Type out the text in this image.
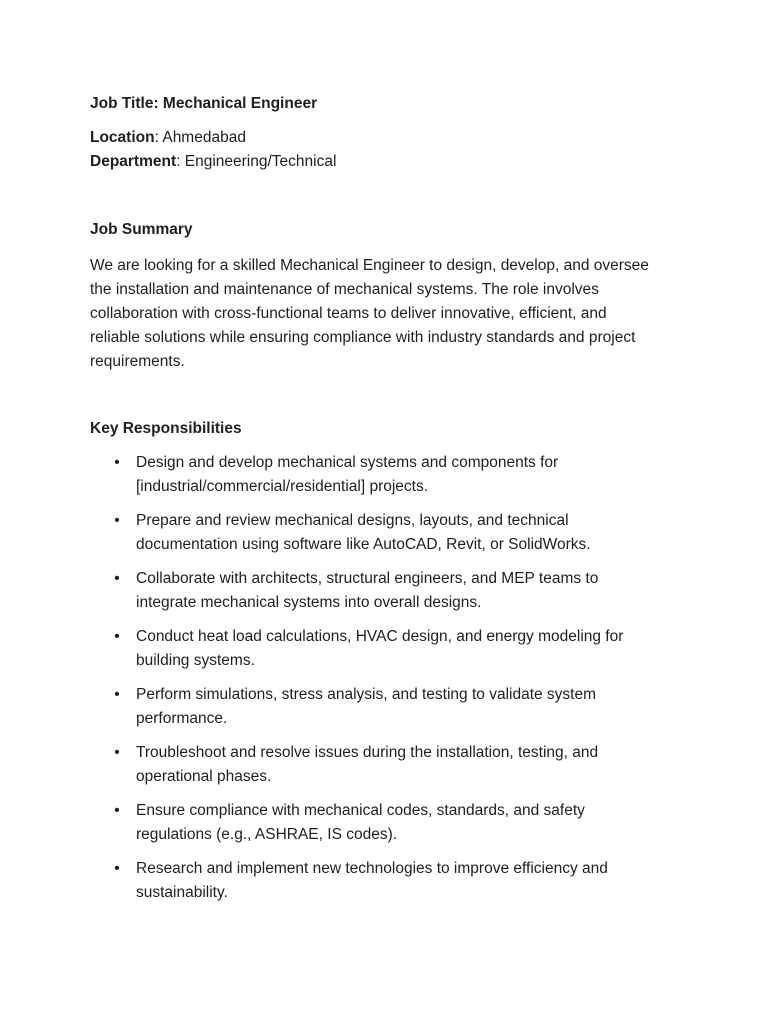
Job Title: Mechanical Engineer
Location: Ahmedabad
Department: Engineering/Technical
Job Summary
We are looking for a skilled Mechanical Engineer to design, develop, and oversee
the installation and maintenance of mechanical systems. The role involves
collaboration with cross-functional teams to deliver innovative, efficient, and
reliable solutions while ensuring compliance with industry standards and project
requirements.
Key Responsibilities
• Design and develop mechanical systems and components for
[industrial/commercial/residential] projects.
• Prepare and review mechanical designs, layouts, and technical
documentation using software like AutoCAD, Revit, or SolidWorks.
• Collaborate with architects, structural engineers, and MEP teams to
integrate mechanical systems into overall designs.
• Conduct heat load calculations, HVAC design, and energy modeling for
building systems.
• Perform simulations, stress analysis, and testing to validate system
performance.
• Troubleshoot and resolve issues during the installation, testing, and
operational phases.
• Ensure compliance with mechanical codes, standards, and safety
regulations (e.g., ASHRAE, IS codes).
• Research and implement new technologies to improve efficiency and
sustainability.
